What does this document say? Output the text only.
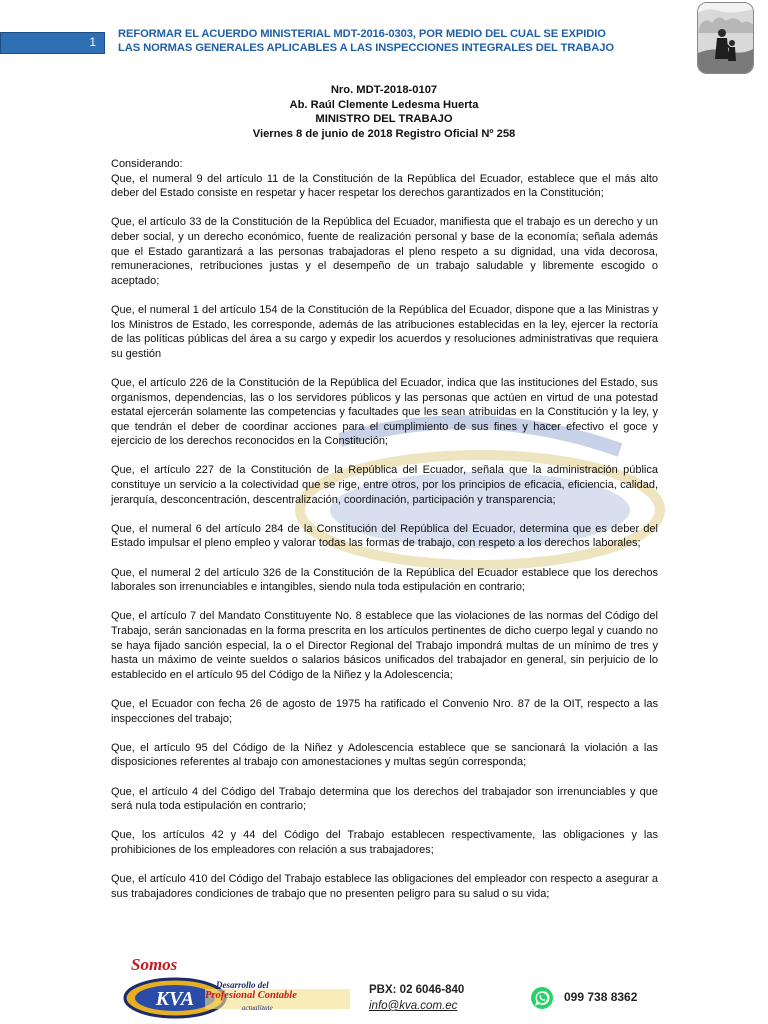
1
REFORMAR EL ACUERDO MINISTERIAL MDT-2016-0303, POR MEDIO DEL CUAL SE EXPIDIO
LAS NORMAS GENERALES APLICABLES A LAS INSPECCIONES INTEGRALES DEL TRABAJO
Nro. MDT-2018-0107
Ab. Raúl Clemente Ledesma Huerta
MINISTRO DEL TRABAJO
Viernes 8 de junio de 2018 Registro Oficial Nº 258

Considerando:

Que, el numeral 9 del artículo 11 de la Constitución de la República del Ecuador, establece que el más alto deber del Estado consiste en respetar y hacer respetar los derechos garantizados en la Constitución;

Que, el artículo 33 de la Constitución de la República del Ecuador, manifiesta que el trabajo es un derecho y un deber social, y un derecho económico, fuente de realización personal y base de la economía; señala además que el Estado garantizará a las personas trabajadoras el pleno respeto a su dignidad, una vida decorosa, remuneraciones, retribuciones justas y el desempeño de un trabajo saludable y libremente escogido o aceptado;

Que, el numeral 1 del artículo 154 de la Constitución de la República del Ecuador, dispone que a las Ministras y los Ministros de Estado, les corresponde, además de las atribuciones establecidas en la ley, ejercer la rectoría de las políticas públicas del área a su cargo y expedir los acuerdos y resoluciones administrativas que requiera su gestión

Que, el artículo 226 de la Constitución de la República del Ecuador, indica que las instituciones del Estado, sus organismos, dependencias, las o los servidores públicos y las personas que actúen en virtud de una potestad estatal ejercerán solamente las competencias y facultades que les sean atribuidas en la Constitución y la ley, y que tendrán el deber de coordinar acciones para el cumplimiento de sus fines y hacer efectivo el goce y ejercicio de los derechos reconocidos en la Constitución;

Que, el artículo 227 de la Constitución de la República del Ecuador, señala que la administración pública constituye un servicio a la colectividad que se rige, entre otros, por los principios de eficacia, eficiencia, calidad, jerarquía, desconcentración, descentralización, coordinación, participación y transparencia;

Que, el numeral 6 del artículo 284 de la Constitución del República del Ecuador, determina que es deber del Estado impulsar el pleno empleo y valorar todas las formas de trabajo, con respeto a los derechos laborales;

Que, el numeral 2 del artículo 326 de la Constitución de la República del Ecuador establece que los derechos laborales son irrenunciables e intangibles, siendo nula toda estipulación en contrario;

Que, el artículo 7 del Mandato Constituyente No. 8 establece que las violaciones de las normas del Código del Trabajo, serán sancionadas en la forma prescrita en los artículos pertinentes de dicho cuerpo legal y cuando no se haya fijado sanción especial, la o el Director Regional del Trabajo impondrá multas de un mínimo de tres y hasta un máximo de veinte sueldos o salarios básicos unificados del trabajador en general, sin perjuicio de lo establecido en el artículo 95 del Código de la Niñez y la Adolescencia;

Que, el Ecuador con fecha 26 de agosto de 1975 ha ratificado el Convenio Nro. 87 de la OIT, respecto a las inspecciones del trabajo;

Que, el artículo 95 del Código de la Niñez y Adolescencia establece que se sancionará la violación a las disposiciones referentes al trabajo con amonestaciones y multas según corresponda;

Que, el artículo 4 del Código del Trabajo determina que los derechos del trabajador son irrenunciables y que será nula toda estipulación en contrario;

Que, los artículos 42 y 44 del Código del Trabajo establecen respectivamente, las obligaciones y las prohibiciones de los empleadores con relación a sus trabajadores;

Que, el artículo 410 del Código del Trabajo establece las obligaciones del empleador con respecto a asegurar a sus trabajadores condiciones de trabajo que no presenten peligro para su salud o su vida;

Somos
KVA
Desarrollo del
Profesional Contable
actualízate
PBX: 02 6046-840
info@kva.com.ec
099 738 8362
